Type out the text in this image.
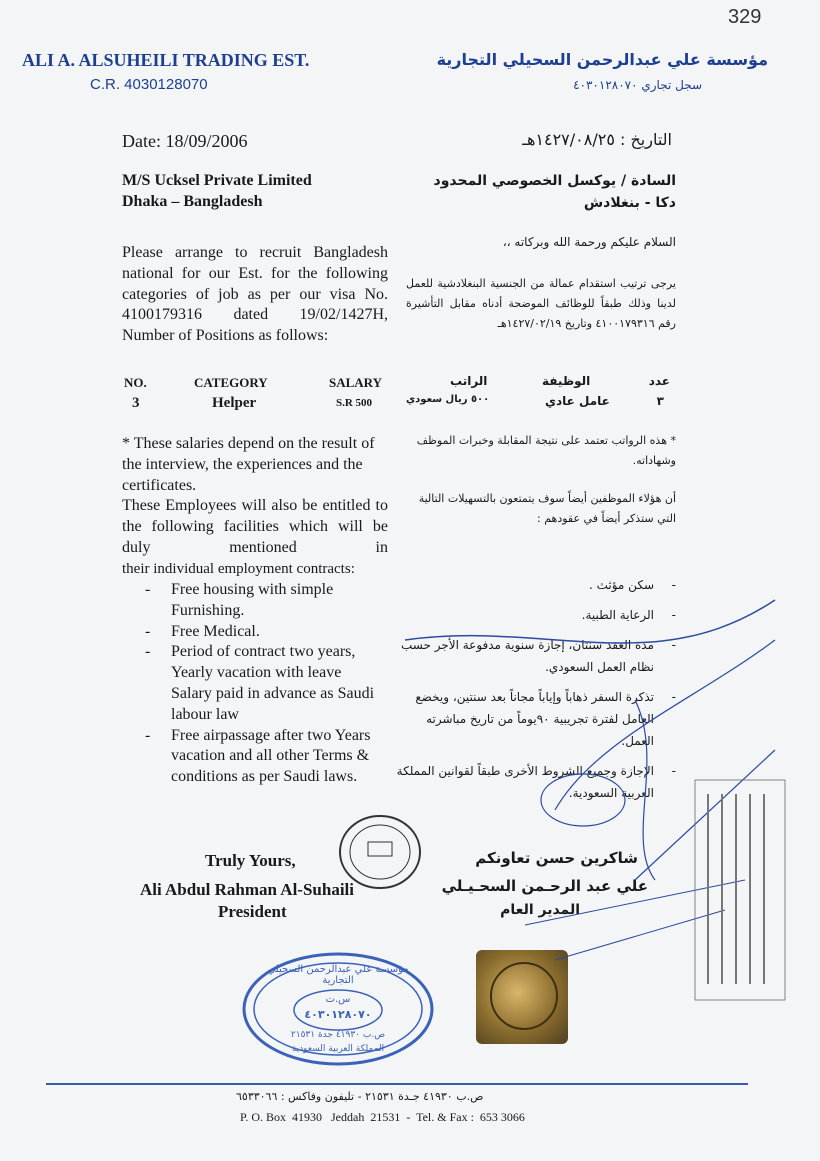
329
ALI A. ALSUHEILI TRADING EST.
C.R. 4030128070
مؤسسة علي عبدالرحمن السحيلي التجارية
سجل تجاري ٤٠٣٠١٢٨٠٧٠
Date: 18/09/2006	التاريخ : ١٤٢٧/٠٨/٢٥هـ
M/S Ucksel Private Limited
Dhaka – Bangladesh
السادة / يوكسل الخصوصي المحدود
دكا - بنغلادش
السلام عليكم ورحمة الله وبركاته ،،
Please arrange to recruit Bangladesh national for our Est. for the following categories of job as per our visa No. 4100179316 dated 19/02/1427H, Number of Positions as follows:
يرجى ترتيب استقدام عمالة من الجنسية البنغلادشية للعمل لدينا وذلك طبقاً للوظائف الموضحة أدناه مقابل التأشيرة رقم ٤١٠٠١٧٩٣١٦ وتاريخ ١٤٢٧/٠٢/١٩هـ
NO.	CATEGORY	SALARY
3	Helper	S.R 500
الراتب	الوظيفة	عدد
٥٠٠ ريال سعودي	عامل عادي	٣
* These salaries depend on the result of the interview, the experiences and the certificates.
* هذه الرواتب تعتمد على نتيجة المقابلة وخبرات الموظف وشهاداته.
These Employees will also be entitled to the following facilities which will be duly mentioned in
their individual employment contracts:
أن هؤلاء الموظفين أيضاً سوف يتمتعون بالتسهيلات التالية التي ستذكر أيضاً في عقودهم :
-	Free housing with simple Furnishing.
-	Free Medical.
-	Period of contract two years, Yearly vacation with leave Salary paid in advance as Saudi labour law
-	Free airpassage after two Years vacation and all other Terms & conditions as per Saudi laws.
-
سكن مؤثث .
-
الرعاية الطبية.
-
مدة العقد سنتان، إجازة سنوية مدفوعة الأجر حسب نظام العمل السعودي.
-
تذكرة السفر ذهاباً وإياباً مجاناً بعد سنتين، ويخضع العامل لفترة تجريبية ٩٠يوماً من تاريخ مباشرته العمل.
-
الإجازة وجميع الشروط الأخرى طبقاً لقوانين المملكة العربية السعودية.
Truly Yours,
Ali Abdul Rahman Al-Suhaili
President
شاكرين حسن تعاونكم
علي عبد الرحـمن السحـيـلي
المدير العام
مؤسسة علي عبدالرحمن السحيلي التجارية
س.ت
٤٠٣٠١٢٨٠٧٠
ص.ب ٤١٩٣٠ جدة ٢١٥٣١
المملكة العربية السعودية
ص.ب ٤١٩٣٠ جـدة ٢١٥٣١ - تليفون وفاكس : ٦٥٣٣٠٦٦
P. O. Box  41930   Jeddah  21531  -  Tel. & Fax :  653 3066
